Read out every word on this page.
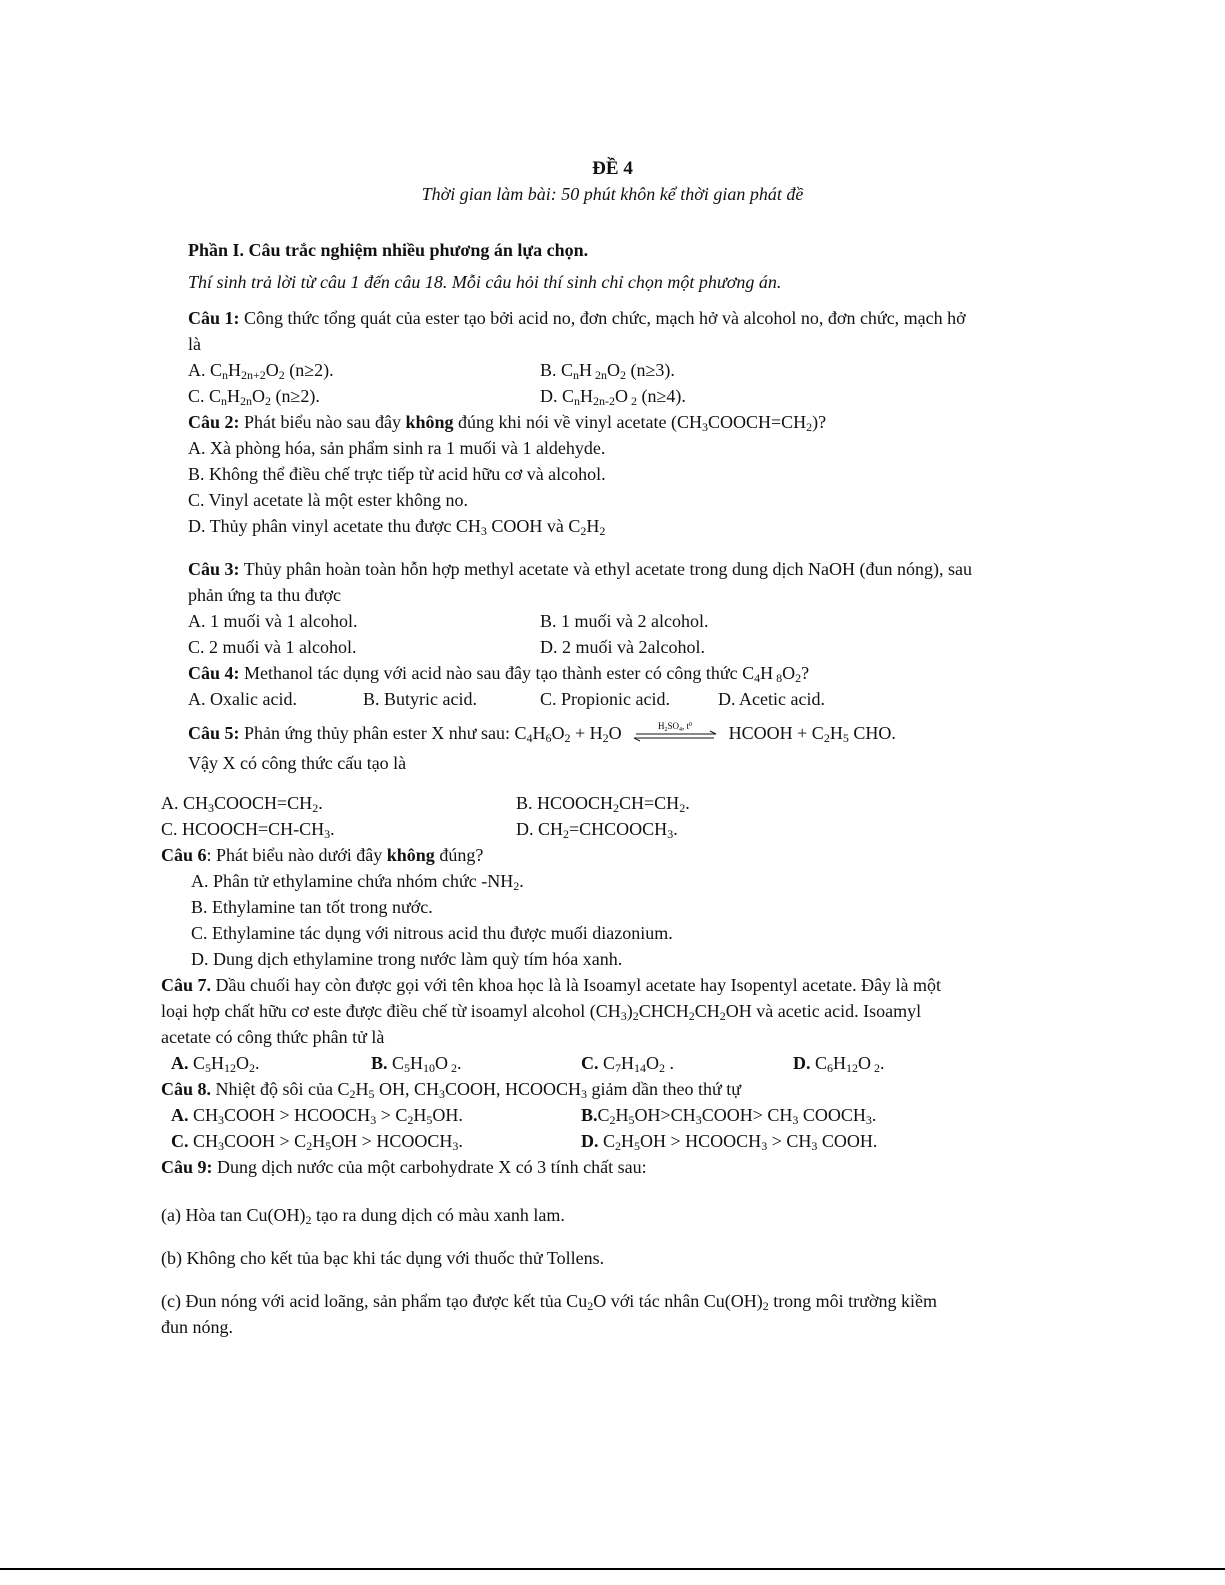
ĐỀ 4
Thời gian làm bài: 50 phút khôn kể thời gian phát đề
Phần I. Câu trắc nghiệm nhiều phương án lựa chọn.
Thí sinh trả lời từ câu 1 đến câu 18. Mỗi câu hỏi thí sinh chỉ chọn một phương án.
Câu 1: Công thức tổng quát của ester tạo bởi acid no, đơn chức, mạch hở và alcohol no, đơn chức, mạch hở
là
A. $C_nH_{2n+2}O_2$ (n≥2).	B. $C_nH$ $_{2n}O_2$ (n≥3).
C. $C_nH_{2n}O_2$ (n≥2).	D. $C_nH_{2n-2}O$ $_2$ (n≥4).
Câu 2: Phát biểu nào sau đây không đúng khi nói về vinyl acetate $(CH_3COOCH=CH_2)$?
A. Xà phòng hóa, sản phẩm sinh ra 1 muối và 1 aldehyde.
B. Không thể điều chế trực tiếp từ acid hữu cơ và alcohol.
C. Vinyl acetate là một ester không no.
D. Thủy phân vinyl acetate thu được $CH_3$ COOH và $C_2H_2$
Câu 3: Thủy phân hoàn toàn hỗn hợp methyl acetate và ethyl acetate trong dung dịch NaOH (đun nóng), sau
phản ứng ta thu được
A. 1 muối và 1 alcohol.	B. 1 muối và 2 alcohol.
C. 2 muối và 1 alcohol.	D. 2 muối và 2alcohol.
Câu 4: Methanol tác dụng với acid nào sau đây tạo thành ester có công thức $C_4H$ $_8O_2$?
A. Oxalic acid.	B. Butyric acid.	C. Propionic acid.	D. Acetic acid.
Câu 5: Phản ứng thủy phân ester X như sau: $C_4H_6O_2 + H_2O$	$H_2SO_4$, $t^0$ HCOOH + $C_2H_5$ CHO.
Vậy X có công thức cấu tạo là
A. $CH_3COOCH=CH_2$.	B. $HCOOCH_2CH=CH_2$.
C. $HCOOCH=CH-CH_3$.	D. $CH_2=CHCOOCH_3$.
Câu 6: Phát biểu nào dưới đây không đúng?
A. Phân tử ethylamine chứa nhóm chức $-NH_2$.
B. Ethylamine tan tốt trong nước.
C. Ethylamine tác dụng với nitrous acid thu được muối diazonium.
D. Dung dịch ethylamine trong nước làm quỳ tím hóa xanh.
Câu 7. Dầu chuối hay còn được gọi với tên khoa học là là Isoamyl acetate hay Isopentyl acetate. Đây là một
loại hợp chất hữu cơ este được điều chế từ isoamyl alcohol $(CH_3)_2CHCH_2CH_2OH$ và acetic acid. Isoamyl
acetate có công thức phân tử là
A. $C_5H_{12}O_2$.	B. $C_5H_{10}O$ $_2$.	C. $C_7H_{14}O_2$ .	D. $C_6H_{12}O$ $_2$.
Câu 8. Nhiệt độ sôi của $C_2H_5$ OH, $CH_3COOH$, $HCOOCH_3$ giảm dần theo thứ tự
A. $CH_3COOH$ > $HCOOCH_3 > C_2H_5OH$.	$B.C_2H_5OH>CH_3COOH> CH_3$ $COOCH_3$.
C. $CH_3COOH > C_2H_5OH$ > $HCOOCH_3$.	D. $C_2H_5OH$ > $HCOOCH_3 > CH_3$ COOH.
Câu 9: Dung dịch nước của một carbohydrate X có 3 tính chất sau:
(a) Hòa $\tan Cu(OH)_2$ tạo ra dung dịch có màu xanh lam.
(b) Không cho kết tủa bạc khi tác dụng với thuốc thử Tollens.
(c) Đun nóng với acid loãng, sản phẩm tạo được kết tủa $Cu_2O$ với tác nhân $Cu(OH)_2$ trong môi trường kiềm
đun nóng.
